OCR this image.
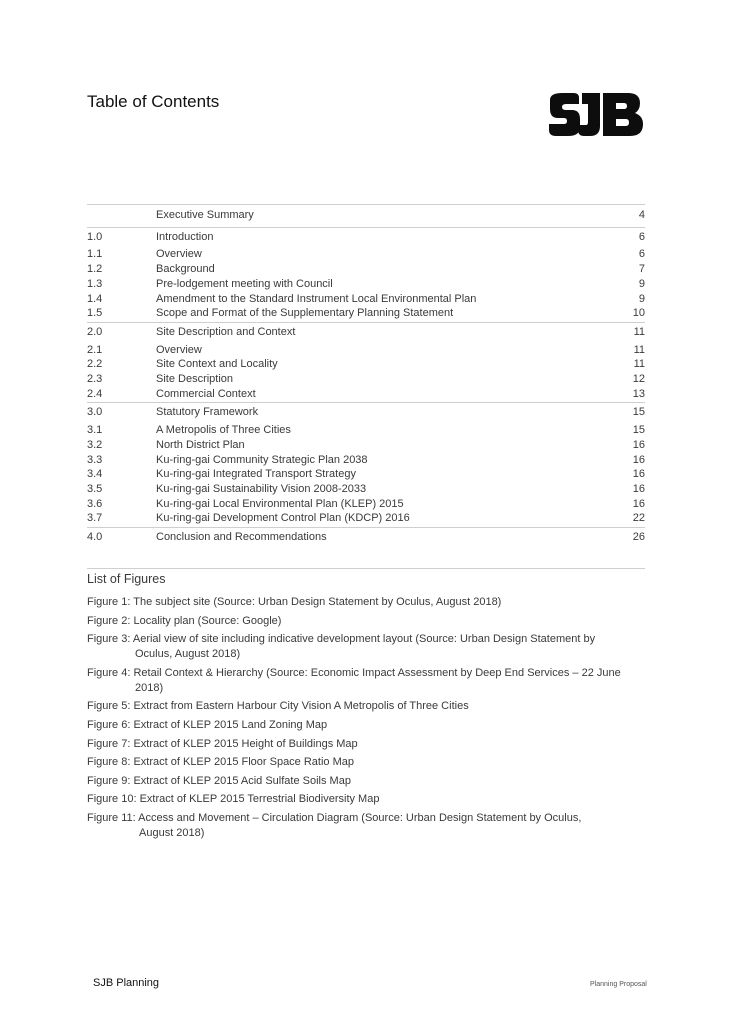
Table of Contents
Executive Summary	4
1.0	Introduction	6
1.1	Overview	6
1.2	Background	7
1.3	Pre-lodgement meeting with Council	9
1.4	Amendment to the Standard Instrument Local Environmental Plan	9
1.5	Scope and Format of the Supplementary Planning Statement	10
2.0	Site Description and Context	11
2.1	Overview	11
2.2	Site Context and Locality	11
2.3	Site Description	12
2.4	Commercial Context	13
3.0	Statutory Framework	15
3.1	A Metropolis of Three Cities	15
3.2	North District Plan	16
3.3	Ku-ring-gai Community Strategic Plan 2038	16
3.4	Ku-ring-gai Integrated Transport Strategy	16
3.5	Ku-ring-gai Sustainability Vision 2008-2033	16
3.6	Ku-ring-gai Local Environmental Plan (KLEP) 2015	16
3.7	Ku-ring-gai Development Control Plan (KDCP) 2016	22
4.0	Conclusion and Recommendations	26
List of Figures
Figure 1: The subject site (Source: Urban Design Statement by Oculus, August 2018)
Figure 2: Locality plan (Source: Google)
Figure 3: Aerial view of site including indicative development layout (Source: Urban Design Statement by
Oculus, August 2018)
Figure 4: Retail Context & Hierarchy (Source: Economic Impact Assessment by Deep End Services – 22 June
2018)
Figure 5: Extract from Eastern Harbour City Vision A Metropolis of Three Cities
Figure 6: Extract of KLEP 2015 Land Zoning Map
Figure 7: Extract of KLEP 2015 Height of Buildings Map
Figure 8: Extract of KLEP 2015 Floor Space Ratio Map
Figure 9: Extract of KLEP 2015 Acid Sulfate Soils Map
Figure 10: Extract of KLEP 2015 Terrestrial Biodiversity Map
Figure 11: Access and Movement – Circulation Diagram (Source: Urban Design Statement by Oculus,
August 2018)
SJB Planning	Planning Proposal
